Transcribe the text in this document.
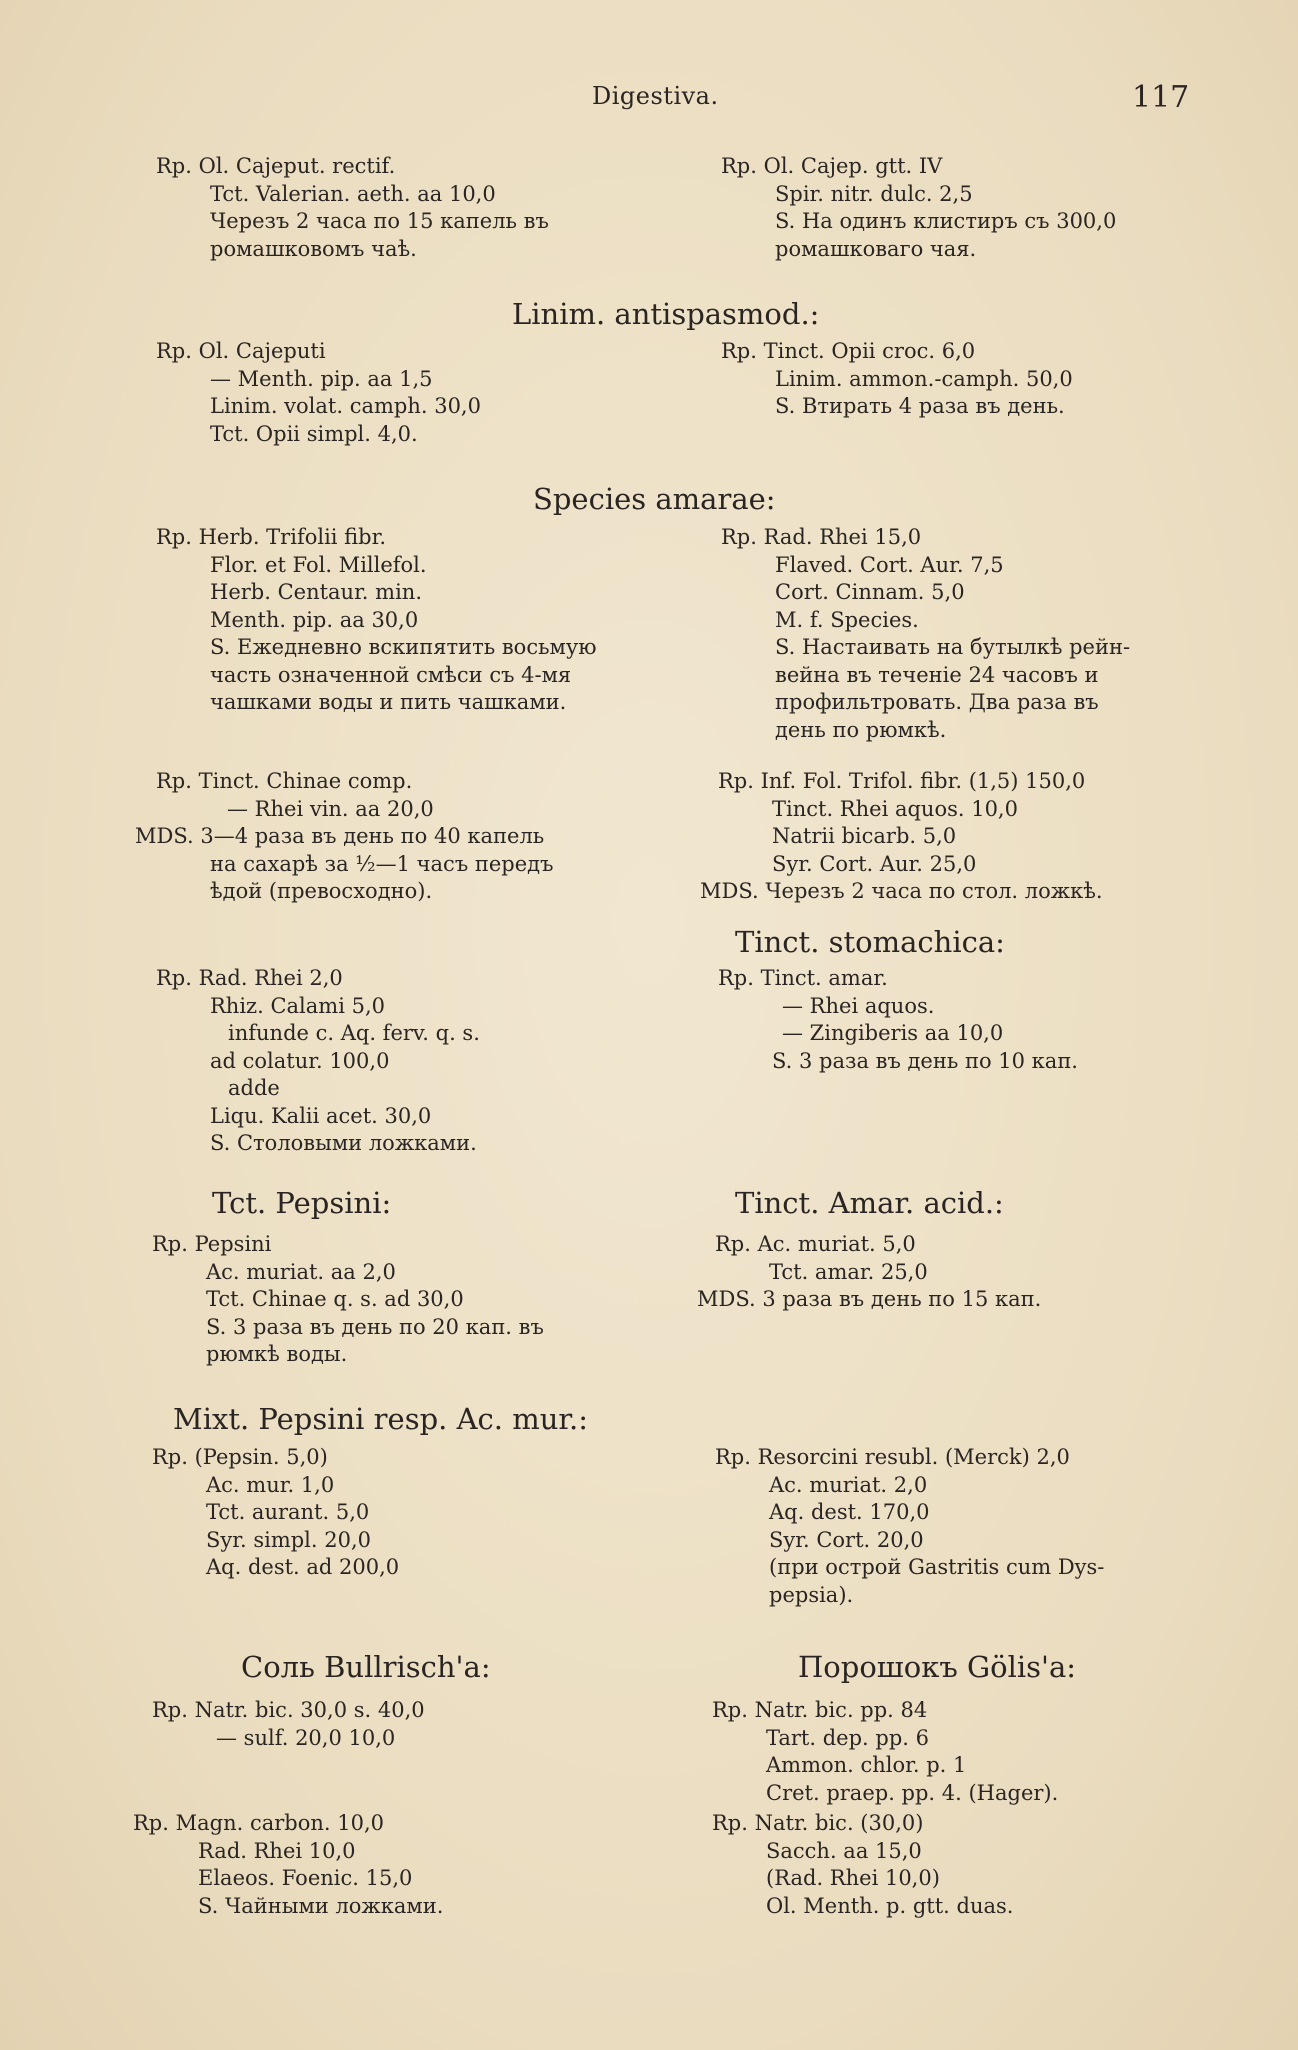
Digestiva.	117
Rp. Ol. Cajeput. rectif.
Tct. Valerian. aeth. aa 10,0
Черезъ 2 часа по 15 капель въ
ромашковомъ чаѣ.
Rp. Ol. Cajep. gtt. IV
Spir. nitr. dulc. 2,5
S. На одинъ клистиръ съ 300,0
ромашковаго чая.
Linim. antispasmod.:
Rp. Ol. Cajeputi
— Menth. pip. aa 1,5
Linim. volat. camph. 30,0
Tct. Opii simpl. 4,0.
Rp. Tinct. Opii croc. 6,0
Linim. ammon.-camph. 50,0
S. Втирать 4 раза въ день.
Species amarae:
Rp. Herb. Trifolii fibr.
Flor. et Fol. Millefol.
Herb. Centaur. min.
Menth. pip. aa 30,0
S. Ежедневно вскипятить восьмую
часть означенной смѣси съ 4-мя
чашками воды и пить чашками.
Rp. Rad. Rhei 15,0
Flaved. Cort. Aur. 7,5
Cort. Cinnam. 5,0
M. f. Species.
S. Настаивать на бутылкѣ рейн-
вейна въ теченіе 24 часовъ и
профильтровать. Два раза въ
день по рюмкѣ.
Rp. Tinct. Chinae comp.
— Rhei vin. aa 20,0
MDS. 3—4 раза въ день по 40 капель
на сахарѣ за ½—1 часъ передъ
ѣдой (превосходно).
Rp. Inf. Fol. Trifol. fibr. (1,5) 150,0
Tinct. Rhei aquos. 10,0
Natrii bicarb. 5,0
Syr. Cort. Aur. 25,0
MDS. Черезъ 2 часа по стол. ложкѣ.
Tinct. stomachica:
Rp. Rad. Rhei 2,0
Rhiz. Calami 5,0
infunde c. Aq. ferv. q. s.
ad colatur. 100,0
adde
Liqu. Kalii acet. 30,0
S. Столовыми ложками.
Rp. Tinct. amar.
— Rhei aquos.
— Zingiberis aa 10,0
S. 3 раза въ день по 10 кап.
Tct. Pepsini:	Tinct. Amar. acid.:
Rp. Pepsini
Ac. muriat. aa 2,0
Tct. Chinae q. s. ad 30,0
S. 3 раза въ день по 20 кап. въ
рюмкѣ воды.
Rp. Ac. muriat. 5,0
Tct. amar. 25,0
MDS. 3 раза въ день по 15 кап.
Mixt. Pepsini resp. Ac. mur.:
Rp. (Pepsin. 5,0)
Ac. mur. 1,0
Tct. aurant. 5,0
Syr. simpl. 20,0
Aq. dest. ad 200,0
Rp. Resorcini resubl. (Merck) 2,0
Ac. muriat. 2,0
Aq. dest. 170,0
Syr. Cort. 20,0
(при острой Gastritis cum Dys-
pepsia).
Соль Bullrisch'a:	Порошокъ Gölis'a:
Rp. Natr. bic. 30,0 s. 40,0
— sulf. 20,0 10,0
Rp. Natr. bic. pp. 84
Tart. dep. pp. 6
Ammon. chlor. p. 1
Cret. praep. pp. 4. (Hager).
Rp. Magn. carbon. 10,0
Rad. Rhei 10,0
Elaeos. Foenic. 15,0
S. Чайными ложками.
Rp. Natr. bic. (30,0)
Sacch. aa 15,0
(Rad. Rhei 10,0)
Ol. Menth. p. gtt. duas.
